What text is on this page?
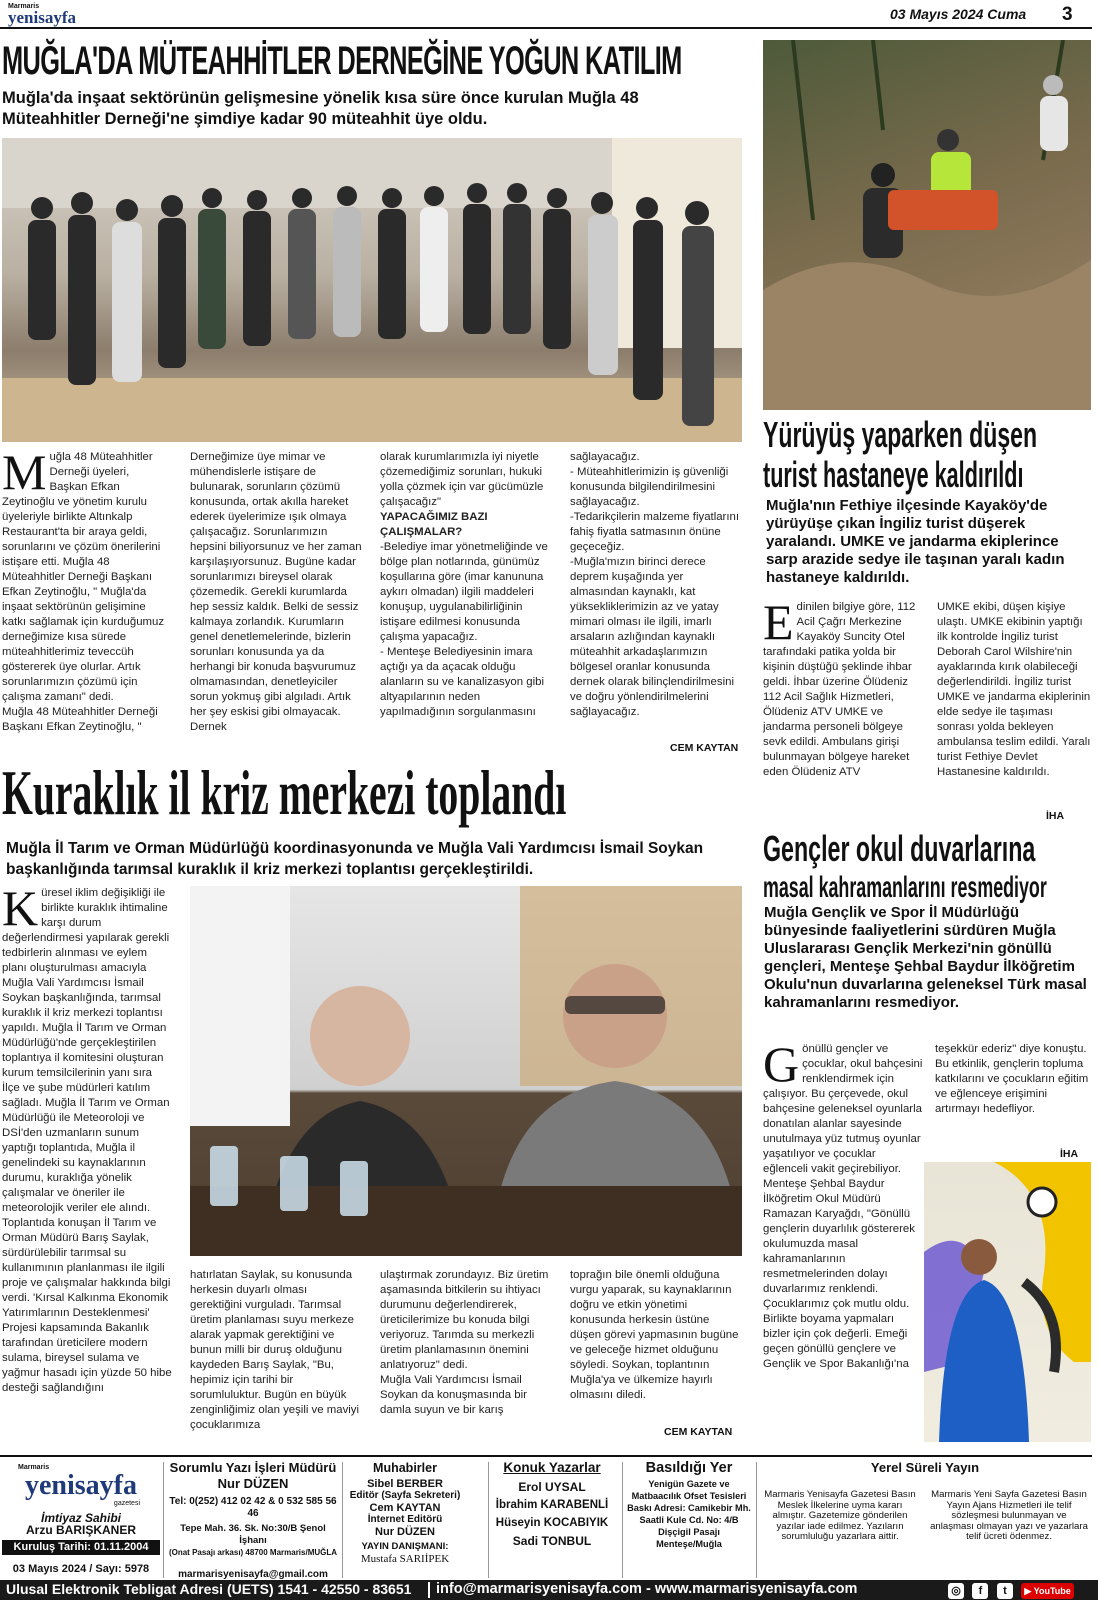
Marmaris
yenisayfa	03 Mayıs 2024 Cuma 3
MUĞLA'DA MÜTEAHHİTLER DERNEĞİNE YOĞUN KATILIM
Muğla'da inşaat sektörünün gelişmesine yönelik kısa süre önce kurulan Muğla 48 Müteahhitler Derneği'ne şimdiye kadar 90 müteahhit üye oldu.
M uğla 48 Müteahhitler Derneği üyeleri, Başkan Efkan Zeytinoğlu ve yönetim kurulu üyeleriyle birlikte Altınkalp Restaurant'ta bir araya geldi, sorunlarını ve çözüm önerilerini istişare etti. Muğla 48 Müteahhitler Derneği Başkanı Efkan Zeytinoğlu, " Muğla'da inşaat sektörünün gelişimine katkı sağlamak için kurduğumuz derneğimize kısa sürede müteahhitlerimiz teveccüh göstererek üye olurlar. Artık sorunlarımızın çözümü için çalışma zamanı" dedi.

Muğla 48 Müteahhitler Derneği Başkanı Efkan Zeytinoğlu, "

Derneğimize üye mimar ve mühendislerle istişare de bulunarak, sorunların çözümü konusunda, ortak akılla hareket ederek üyelerimize ışık olmaya çalışacağız. Sorunlarımızın hepsini biliyorsunuz ve her zaman karşılaşıyorsunuz. Bugüne kadar sorunlarımızı bireysel olarak çözemedik. Gerekli kurumlarda hep sessiz kaldık. Belki de sessiz kalmaya zorlandık. Kurumların genel denetlemelerinde, bizlerin sorunları konusunda ya da herhangi bir konuda başvurumuz olmamasından, denetleyiciler sorun yokmuş gibi algıladı. Artık her şey eskisi gibi olmayacak. Dernek

olarak kurumlarımızla iyi niyetle çözemediğimiz sorunları, hukuki yolla çözmek için var gücümüzle çalışacağız"

YAPACAĞIMIZ BAZI ÇALIŞMALAR?

-Belediye imar yönetmeliğinde ve bölge plan notlarında, günümüz koşullarına göre (imar kanununa aykırı olmadan) ilgili maddeleri konuşup, uygulanabilirliğinin istişare edilmesi konusunda çalışma yapacağız.

- Menteşe Belediyesinin imara açtığı ya da açacak olduğu alanların su ve kanalizasyon gibi altyapılarının neden yapılmadığının sorgulanmasını

sağlayacağız.

- Müteahhitlerimizin iş güvenliği konusunda bilgilendirilmesini sağlayacağız.

-Tedarikçilerin malzeme fiyatlarını fahiş fiyatla satmasının önüne geçeceğiz.

-Muğla'mızın birinci derece deprem kuşağında yer almasından kaynaklı, kat yüksekliklerimizin az ve yatay mimari olması ile ilgili, imarlı arsaların azlığından kaynaklı müteahhit arkadaşlarımızın bölgesel oranlar konusunda dernek olarak bilinçlendirilmesini ve doğru yönlendirilmelerini sağlayacağız.

CEM KAYTAN
Yürüyüş yaparken düşen
turist hastaneye kaldırıldı
Muğla'nın Fethiye ilçesinde Kayaköy'de yürüyüşe çıkan İngiliz turist düşerek yaralandı. UMKE ve jandarma ekiplerince sarp arazide sedye ile taşınan yaralı kadın hastaneye kaldırıldı.
E dinilen bilgiye göre, 112 Acil Çağrı Merkezine Kayaköy Suncity Otel tarafındaki patika yolda bir kişinin düştüğü şeklinde ihbar geldi. İhbar üzerine Ölüdeniz 112 Acil Sağlık Hizmetleri, Ölüdeniz ATV UMKE ve jandarma personeli bölgeye sevk edildi. Ambulans girişi bulunmayan bölgeye hareket eden Ölüdeniz ATV

UMKE ekibi, düşen kişiye ulaştı. UMKE ekibinin yaptığı ilk kontrolde İngiliz turist Deborah Carol Wilshire'nin ayaklarında kırık olabileceği değerlendirildi. İngiliz turist UMKE ve jandarma ekiplerinin elde sedye ile taşıması sonrası yolda bekleyen ambulansa teslim edildi. Yaralı turist Fethiye Devlet Hastanesine kaldırıldı.

İHA
Kuraklık il kriz merkezi toplandı
Muğla İl Tarım ve Orman Müdürlüğü koordinasyonunda ve Muğla Vali Yardımcısı İsmail Soykan başkanlığında tarımsal kuraklık il kriz merkezi toplantısı gerçekleştirildi.
K üresel iklim değişikliği ile birlikte kuraklık ihtimaline karşı durum değerlendirmesi yapılarak gerekli tedbirlerin alınması ve eylem planı oluşturulması amacıyla Muğla Vali Yardımcısı İsmail Soykan başkanlığında, tarımsal kuraklık il kriz merkezi toplantısı yapıldı. Muğla İl Tarım ve Orman Müdürlüğü'nde gerçekleştirilen toplantıya il komitesini oluşturan kurum temsilcilerinin yanı sıra İlçe ve şube müdürleri katılım sağladı. Muğla İl Tarım ve Orman Müdürlüğü ile Meteoroloji ve DSİ'den uzmanların sunum yaptığı toplantıda, Muğla il genelindeki su kaynaklarının durumu, kuraklığa yönelik çalışmalar ve öneriler ile meteorolojik veriler ele alındı. Toplantıda konuşan İl Tarım ve Orman Müdürü Barış Saylak, sürdürülebilir tarımsal su kullanımının planlanması ile ilgili proje ve çalışmalar hakkında bilgi verdi. 'Kırsal Kalkınma Ekonomik Yatırımlarının Desteklenmesi' Projesi kapsamında Bakanlık tarafından üreticilere modern sulama, bireysel sulama ve yağmur hasadı için yüzde 50 hibe desteği sağlandığını

hatırlatan Saylak, su konusunda herkesin duyarlı olması gerektiğini vurguladı. Tarımsal üretim planlaması suyu merkeze alarak yapmak gerektiğini ve bunun milli bir duruş olduğunu kaydeden Barış Saylak, "Bu, hepimiz için tarihi bir sorumluluktur. Bugün en büyük zenginliğimiz olan yeşili ve maviyi çocuklarımıza

ulaştırmak zorundayız. Biz üretim aşamasında bitkilerin su ihtiyacı durumunu değerlendirerek, üreticilerimize bu konuda bilgi veriyoruz. Tarımda su merkezli üretim planlamasının önemini anlatıyoruz" dedi.

Muğla Vali Yardımcısı İsmail Soykan da konuşmasında bir damla suyun ve bir karış

toprağın bile önemli olduğuna vurgu yaparak, su kaynaklarının doğru ve etkin yönetimi konusunda herkesin üstüne düşen görevi yapmasının bugüne ve geleceğe hizmet olduğunu söyledi. Soykan, toplantının Muğla'ya ve ülkemize hayırlı olmasını diledi.

CEM KAYTAN
Gençler okul duvarlarına
masal kahramanlarını resmediyor
Muğla Gençlik ve Spor İl Müdürlüğü bünyesinde faaliyetlerini sürdüren Muğla Uluslararası Gençlik Merkezi'nin gönüllü gençleri, Menteşe Şehbal Baydur İlköğretim Okulu'nun duvarlarına geleneksel Türk masal kahramanlarını resmediyor.
G önüllü gençler ve çocuklar, okul bahçesini renklendirmek için çalışıyor. Bu çerçevede, okul bahçesine geleneksel oyunlarla donatılan alanlar sayesinde unutulmaya yüz tutmuş oyunlar yaşatılıyor ve çocuklar eğlenceli vakit geçirebiliyor.

Menteşe Şehbal Baydur İlköğretim Okul Müdürü Ramazan Karyağdı, "Gönüllü gençlerin duyarlılık göstererek okulumuzda masal kahramanlarının resmetmelerinden dolayı duvarlarımız renklendi. Çocuklarımız çok mutlu oldu. Birlikte boyama yapmaları bizler için çok değerli. Emeği geçen gönüllü gençlere ve Gençlik ve Spor Bakanlığı'na

teşekkür ederiz" diye konuştu.

Bu etkinlik, gençlerin topluma katkılarını ve çocukların eğitim ve eğlenceye erişimini artırmayı hedefliyor.

İHA
Marmaris
yenisayfa
gazetesi
İmtiyaz Sahibi
Arzu BARIŞKANER
Kuruluş Tarihi: 01.11.2004
03 Mayıs 2024 / Sayı: 5978
Sorumlu Yazı İşleri Müdürü
Nur DÜZEN
Tel: 0(252) 412 02 42 & 0 532 585 56 46
Tepe Mah. 36. Sk. No:30/B Şenol İşhanı
(Onat Pasajı arkası) 48700 Marmaris/MUĞLA
marmarisyenisayfa@gmail.com
Muhabirler
Sibel BERBER
Editör (Sayfa Sekreteri)
Cem KAYTAN
İnternet Editörü
Nur DÜZEN
YAYIN DANIŞMANI:
Mustafa SARIİPEK
Konuk Yazarlar
Erol UYSAL
İbrahim KARABENLİ
Hüseyin KOCABIYIK
Sadi TONBUL
Basıldığı Yer
Yenigün Gazete ve
Matbaacılık Ofset Tesisleri
Baskı Adresi: Camikebir Mh.
Saatli Kule Cd. No: 4/B
Dişçigil Pasajı Menteşe/Muğla
Yerel Süreli Yayın
Marmaris Yenisayfa Gazetesi Basın Meslek İlkelerine uyma kararı almıştır. Gazetemize gönderilen yazılar iade edilmez. Yazıların sorumluluğu yazarlara aittir.
Marmaris Yeni Sayfa Gazetesi Basın Yayın Ajans Hizmetleri ile telif sözleşmesi bulunmayan ve anlaşması olmayan yazı ve yazarlara telif ücreti ödenmez.
Ulusal Elektronik Tebligat Adresi (UETS) 1541 - 42550 - 83651 info@marmarisyenisayfa.com - www.marmarisyenisayfa.com	◎ f t ▶ YouTube
